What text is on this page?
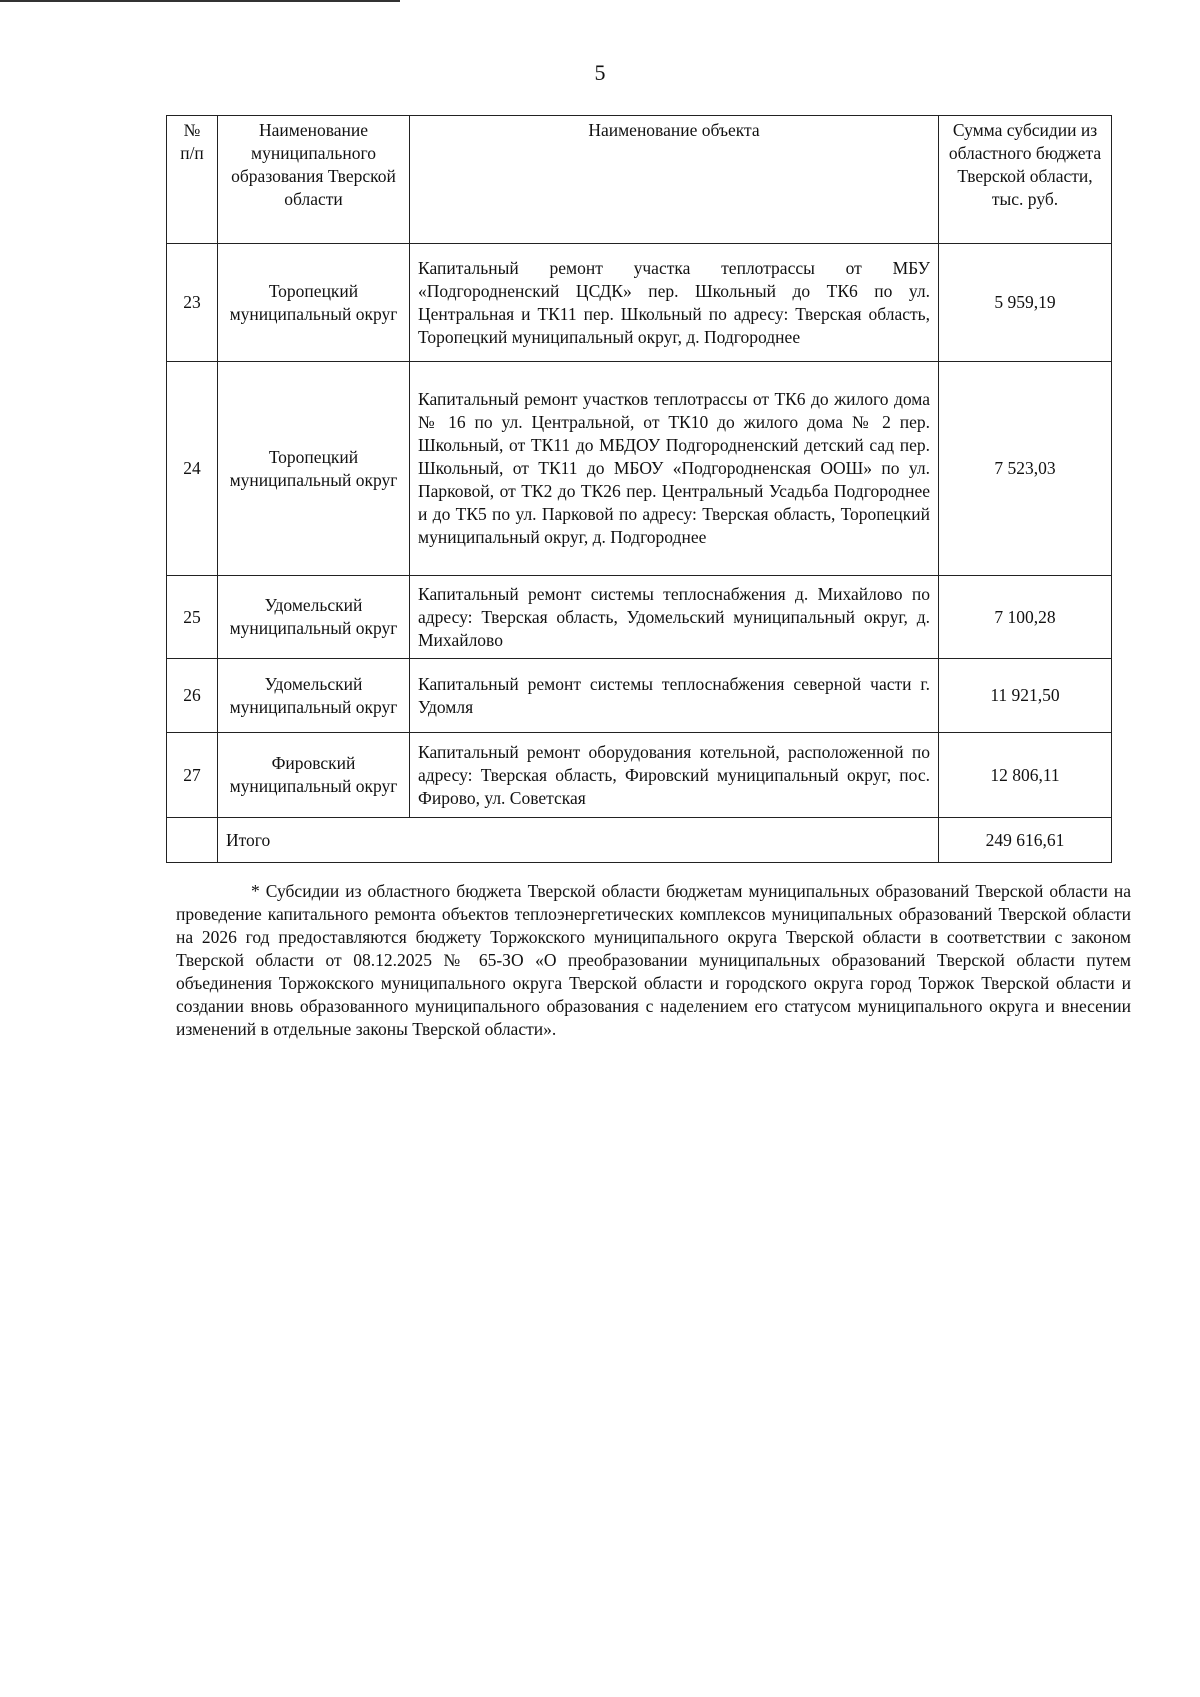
5
№ п/п	Наименование муниципального образования Тверской области	Наименование объекта	Сумма субсидии из областного бюджета Тверской области, тыс. руб.
23	Торопецкий муниципальный округ	Капитальный ремонт участка теплотрассы от МБУ «Подгородненский ЦСДК» пер. Школьный до ТК6 по ул. Центральная и ТК11 пер. Школьный по адресу: Тверская область, Торопецкий муниципальный округ, д. Подгороднее	5 959,19
24	Торопецкий муниципальный округ	Капитальный ремонт участков теплотрассы от ТК6 до жилого дома № 16 по ул. Центральной, от ТК10 до жилого дома № 2 пер. Школьный, от ТК11 до МБДОУ Подгородненский детский сад пер. Школьный, от ТК11 до МБОУ «Подгородненская ООШ» по ул. Парковой, от ТК2 до ТК26 пер. Центральный Усадьба Подгороднее и до ТК5 по ул. Парковой по адресу: Тверская область, Торопецкий муниципальный округ, д. Подгороднее	7 523,03
25	Удомельский муниципальный округ	Капитальный ремонт системы теплоснабжения д. Михайлово по адресу: Тверская область, Удомельский муниципальный округ, д. Михайлово	7 100,28
26	Удомельский муниципальный округ	Капитальный ремонт системы теплоснабжения северной части г. Удомля	11 921,50
27	Фировский муниципальный округ	Капитальный ремонт оборудования котельной, расположенной по адресу: Тверская область, Фировский муниципальный округ, пос. Фирово, ул. Советская	12 806,11
	Итого		249 616,61

* Субсидии из областного бюджета Тверской области бюджетам муниципальных образований Тверской области на проведение капитального ремонта объектов теплоэнергетических комплексов муниципальных образований Тверской области на 2026 год предоставляются бюджету Торжокского муниципального округа Тверской области в соответствии с законом Тверской области от 08.12.2025 № 65-ЗО «О преобразовании муниципальных образований Тверской области путем объединения Торжокского муниципального округа Тверской области и городского округа город Торжок Тверской области и создании вновь образованного муниципального образования с наделением его статусом муниципального округа и внесении изменений в отдельные законы Тверской области».
